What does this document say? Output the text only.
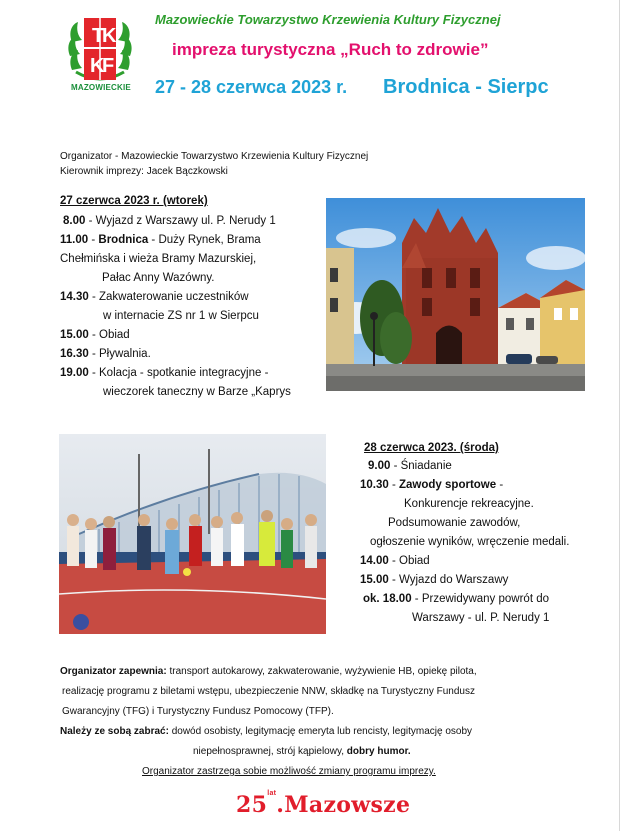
T
K
K
F
MAZOWIECKIE
Mazowieckie Towarzystwo Krzewienia Kultury Fizycznej
impreza turystyczna „Ruch to zdrowie”
27 - 28 czerwca 2023 r. Brodnica - Sierpc
Organizator - Mazowieckie Towarzystwo Krzewienia Kultury Fizycznej
Kierownik imprezy: Jacek Bączkowski
27 czerwca 2023 r. (wtorek)
8.00 - Wyjazd z Warszawy ul. P. Nerudy 1
11.00 - Brodnica - Duży Rynek, Brama
Chełmińska i wieża Bramy Mazurskiej,
Pałac Anny Wazówny.
14.30 - Zakwaterowanie uczestników
w internacie ZS nr 1 w Sierpcu
15.00 - Obiad
16.30 - Pływalnia.
19.00 - Kolacja - spotkanie integracyjne -
wieczorek taneczny w Barze „Kaprys
28 czerwca 2023. (środa)
9.00 - Śniadanie
10.30 - Zawody sportowe -
Konkurencje rekreacyjne.
Podsumowanie zawodów,
ogłoszenie wyników, wręczenie medali.
14.00 - Obiad
15.00 - Wyjazd do Warszawy
ok. 18.00 - Przewidywany powrót do
Warszawy - ul. P. Nerudy 1
Organizator zapewnia: transport autokarowy, zakwaterowanie, wyżywienie HB, opiekę pilota,
realizację programu z biletami wstępu, ubezpieczenie NNW, składkę na Turystyczny Fundusz
Gwarancyjny (TFG) i Turystyczny Fundusz Pomocowy (TFP).
Należy ze sobą zabrać: dowód osobisty, legitymację emeryta lub rencisty, legitymację osoby
niepełnosprawnej, strój kąpielowy, dobry humor.
Organizator zastrzega sobie możliwość zmiany programu imprezy.
$25^{lat}.Mazowsze$
